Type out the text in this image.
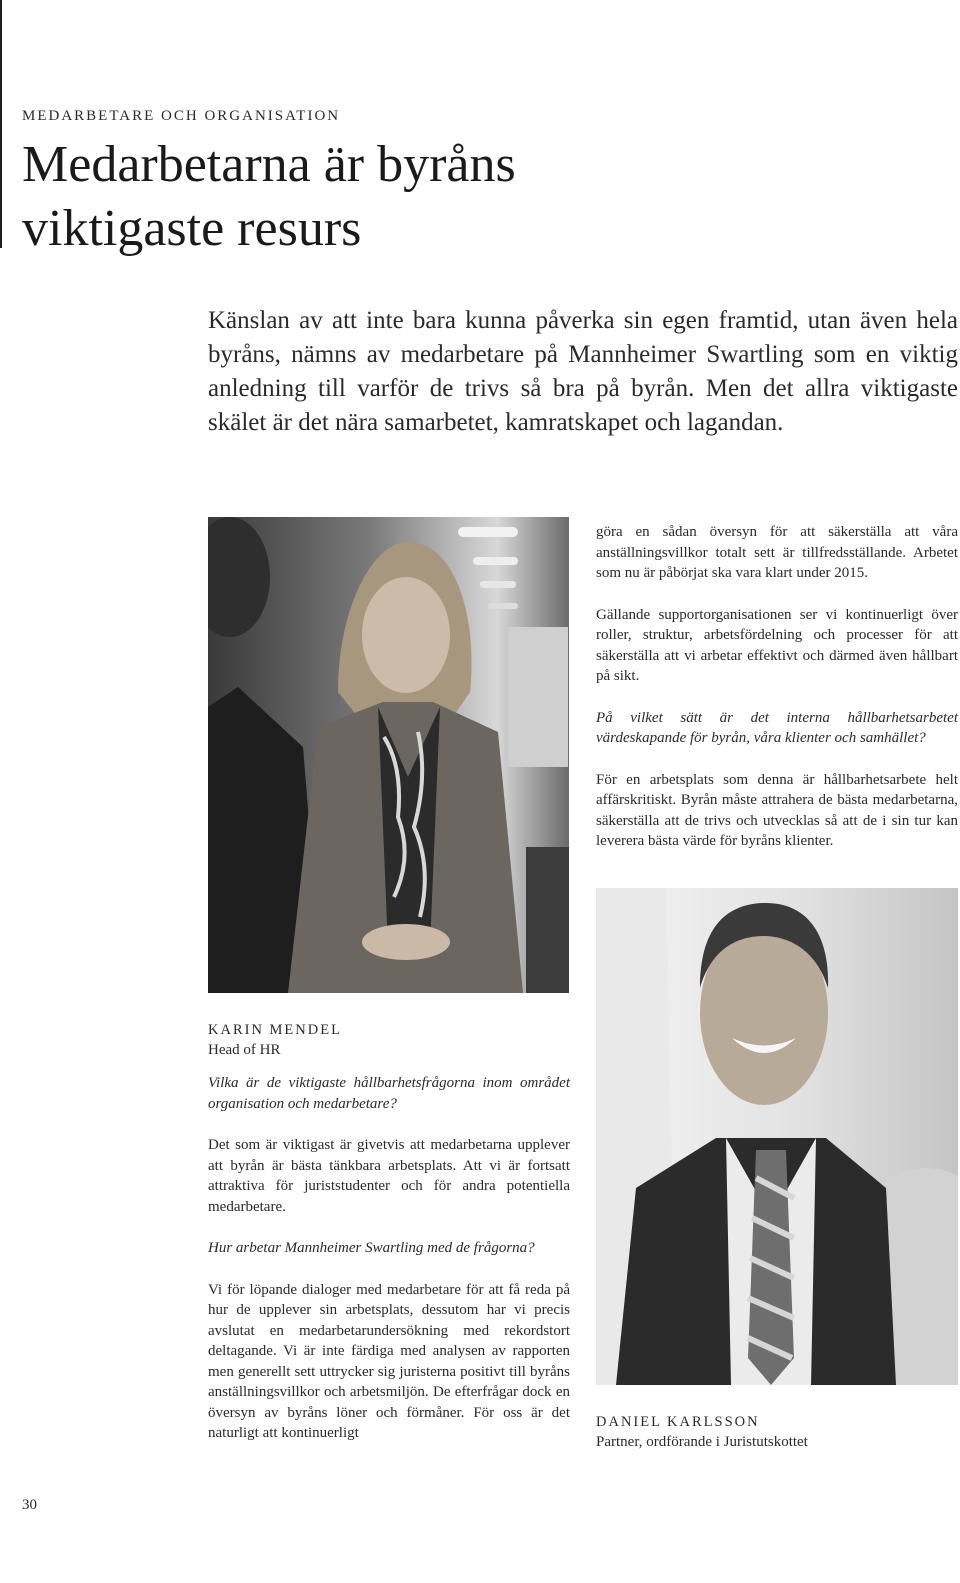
MEDARBETARE OCH ORGANISATION
Medarbetarna är byråns
viktigaste resurs

Känslan av att inte bara kunna påverka sin egen framtid, utan även hela byråns, nämns av medarbetare på Mannheimer Swartling som en viktig anledning till varför de trivs så bra på byrån. Men det allra viktigaste skälet är det nära samarbetet, kamratskapet och lagandan.

KARIN MENDEL
Head of HR

Vilka är de viktigaste hållbarhetsfrågorna inom området organisation och medarbetare?

Det som är viktigast är givetvis att medarbetarna upplever att byrån är bästa tänkbara arbetsplats. Att vi är fortsatt attraktiva för juriststudenter och för andra potentiella medarbetare.

Hur arbetar Mannheimer Swartling med de frågorna?

Vi för löpande dialoger med medarbetare för att få reda på hur de upplever sin arbetsplats, dessutom har vi precis avslutat en medarbetarundersökning med rekordstort deltagande. Vi är inte färdiga med analysen av rapporten men generellt sett uttrycker sig juristerna positivt till byråns anställningsvillkor och arbetsmiljön. De efterfrågar dock en översyn av byråns löner och förmåner. För oss är det naturligt att kontinuerligt

göra en sådan översyn för att säkerställa att våra anställningsvillkor totalt sett är tillfredsställande. Arbetet som nu är påbörjat ska vara klart under 2015.

Gällande supportorganisationen ser vi kontinuerligt över roller, struktur, arbetsfördelning och processer för att säkerställa att vi arbetar effektivt och därmed även hållbart på sikt.

På vilket sätt är det interna hållbarhetsarbetet värdeskapande för byrån, våra klienter och samhället?

För en arbetsplats som denna är hållbarhetsarbete helt affärskritiskt. Byrån måste attrahera de bästa medarbetarna, säkerställa att de trivs och utvecklas så att de i sin tur kan leverera bästa värde för byråns klienter.

DANIEL KARLSSON
Partner, ordförande i Juristutskottet
30
